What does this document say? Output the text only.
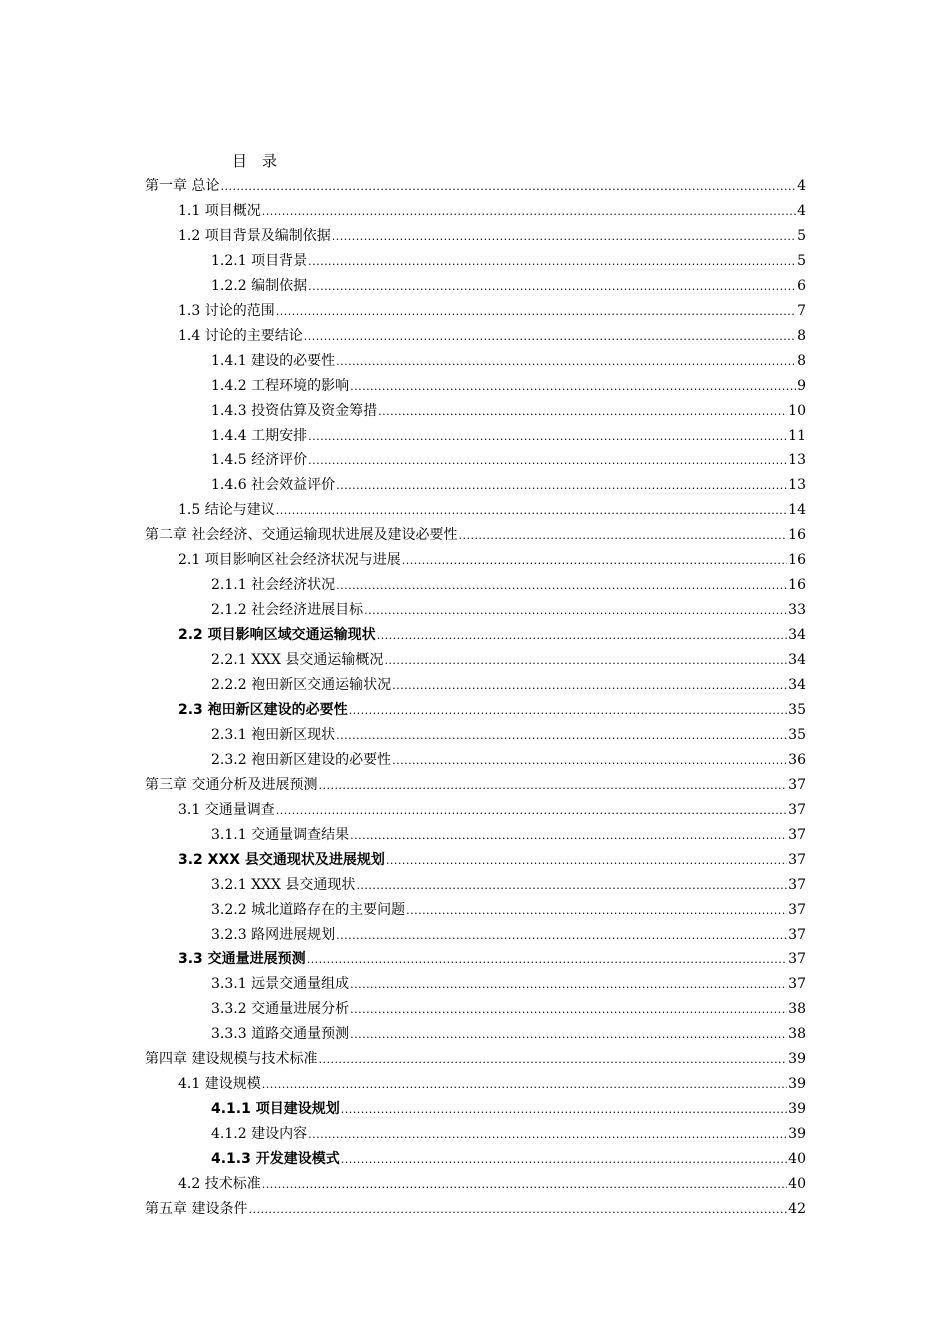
目　录
第一章 总论 .....	4
1.1 项目概况 .....	4
1.2 项目背景及编制依据 .....	5
1.2.1 项目背景 .....	5
1.2.2 编制依据 .....	6
1.3 讨论的范围 .....	7
1.4 讨论的主要结论 .....	8
1.4.1 建设的必要性 .....	8
1.4.2 工程环境的影响 .....	9
1.4.3 投资估算及资金筹措 .....	10
1.4.4 工期安排 .....	11
1.4.5 经济评价 .....	13
1.4.6 社会效益评价 .....	13
1.5 结论与建议 .....	14
第二章 社会经济、交通运输现状进展及建设必要性 .....	16
2.1 项目影响区社会经济状况与进展 .....	16
2.1.1 社会经济状况 .....	16
2.1.2 社会经济进展目标 .....	33
2.2 项目影响区域交通运输现状 .....	34
2.2.1 XXX 县交通运输概况 .....	34
2.2.2 袍田新区交通运输状况 .....	34
2.3 袍田新区建设的必要性 .....	35
2.3.1 袍田新区现状 .....	35
2.3.2 袍田新区建设的必要性 .....	36
第三章 交通分析及进展预测 .....	37
3.1 交通量调查 .....	37
3.1.1 交通量调查结果 .....	37
3.2 XXX 县交通现状及进展规划 .....	37
3.2.1 XXX 县交通现状 .....	37
3.2.2 城北道路存在的主要问题 .....	37
3.2.3 路网进展规划 .....	37
3.3 交通量进展预测 .....	37
3.3.1 远景交通量组成 .....	37
3.3.2 交通量进展分析 .....	38
3.3.3 道路交通量预测 .....	38
第四章 建设规模与技术标准 .....	39
4.1 建设规模 .....	39
4.1.1 项目建设规划 .....	39
4.1.2 建设内容 .....	39
4.1.3 开发建设模式 .....	40
4.2 技术标准 .....	40
第五章 建设条件 .....	42
